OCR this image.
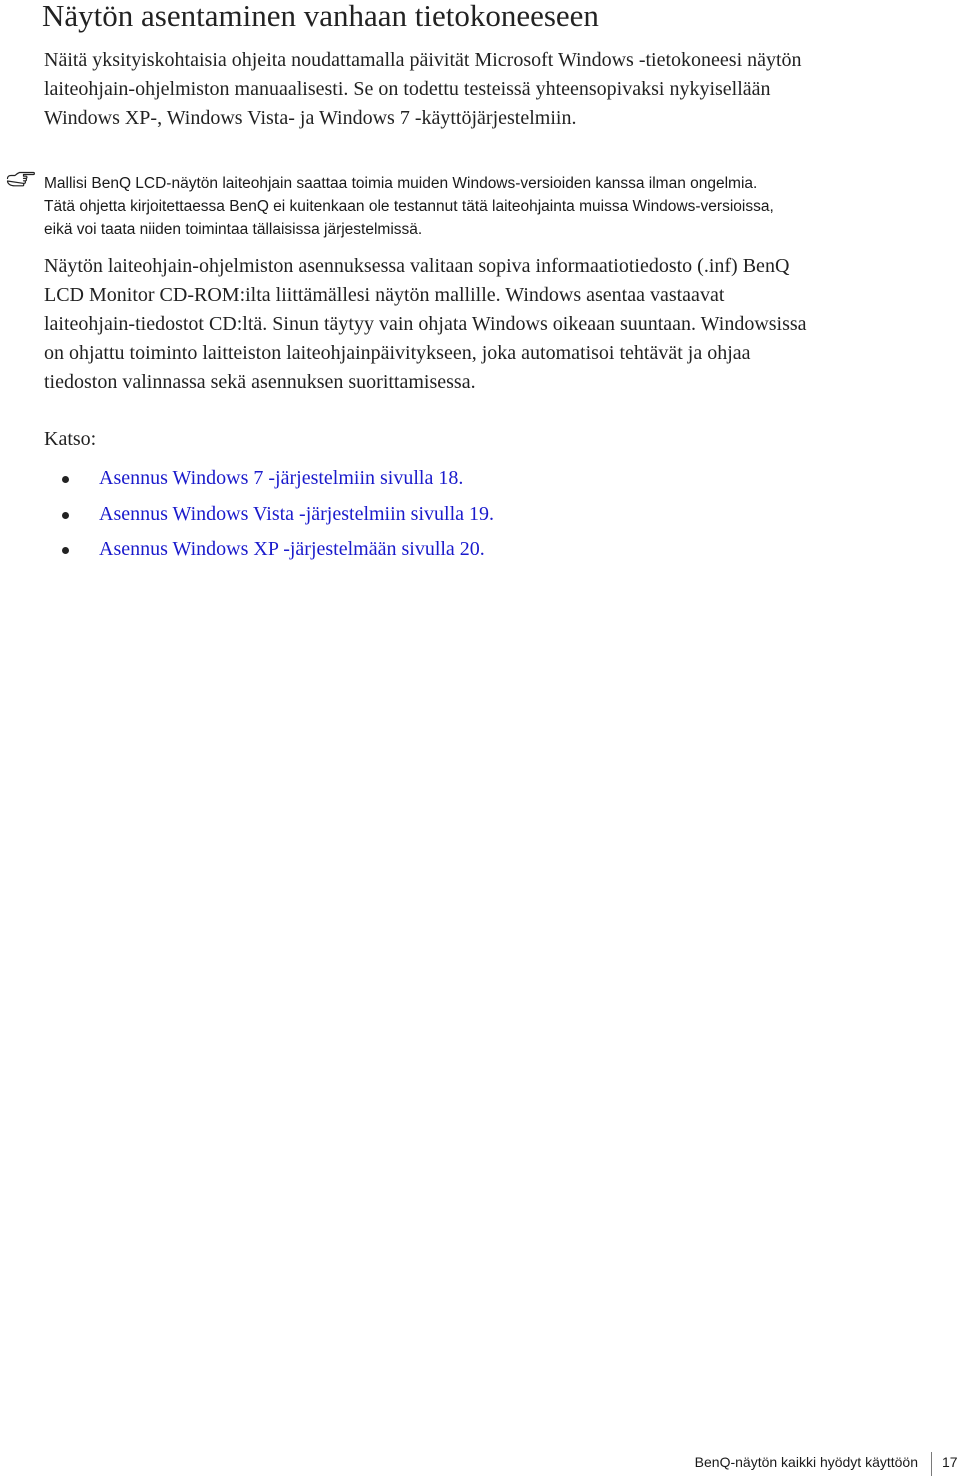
Näytön asentaminen vanhaan tietokoneeseen

Näitä yksityiskohtaisia ohjeita noudattamalla päivität Microsoft Windows -tietokoneesi näytön
laiteohjain-ohjelmiston manuaalisesti. Se on todettu testeissä yhteensopivaksi nykyisellään
Windows XP-, Windows Vista- ja Windows 7 -käyttöjärjestelmiin.

Mallisi BenQ LCD-näytön laiteohjain saattaa toimia muiden Windows-versioiden kanssa ilman ongelmia.
Tätä ohjetta kirjoitettaessa BenQ ei kuitenkaan ole testannut tätä laiteohjainta muissa Windows-versioissa,
eikä voi taata niiden toimintaa tällaisissa järjestelmissä.

Näytön laiteohjain-ohjelmiston asennuksessa valitaan sopiva informaatiotiedosto (.inf) BenQ
LCD Monitor CD-ROM:ilta liittämällesi näytön mallille. Windows asentaa vastaavat
laiteohjain-tiedostot CD:ltä. Sinun täytyy vain ohjata Windows oikeaan suuntaan. Windowsissa
on ohjattu toiminto laitteiston laiteohjainpäivitykseen, joka automatisoi tehtävät ja ohjaa
tiedoston valinnassa sekä asennuksen suorittamisessa.

Katso:

Asennus Windows 7 -järjestelmiin sivulla 18.
Asennus Windows Vista -järjestelmiin sivulla 19.
Asennus Windows XP -järjestelmään sivulla 20.
BenQ-näytön kaikki hyödyt käyttöön 17
